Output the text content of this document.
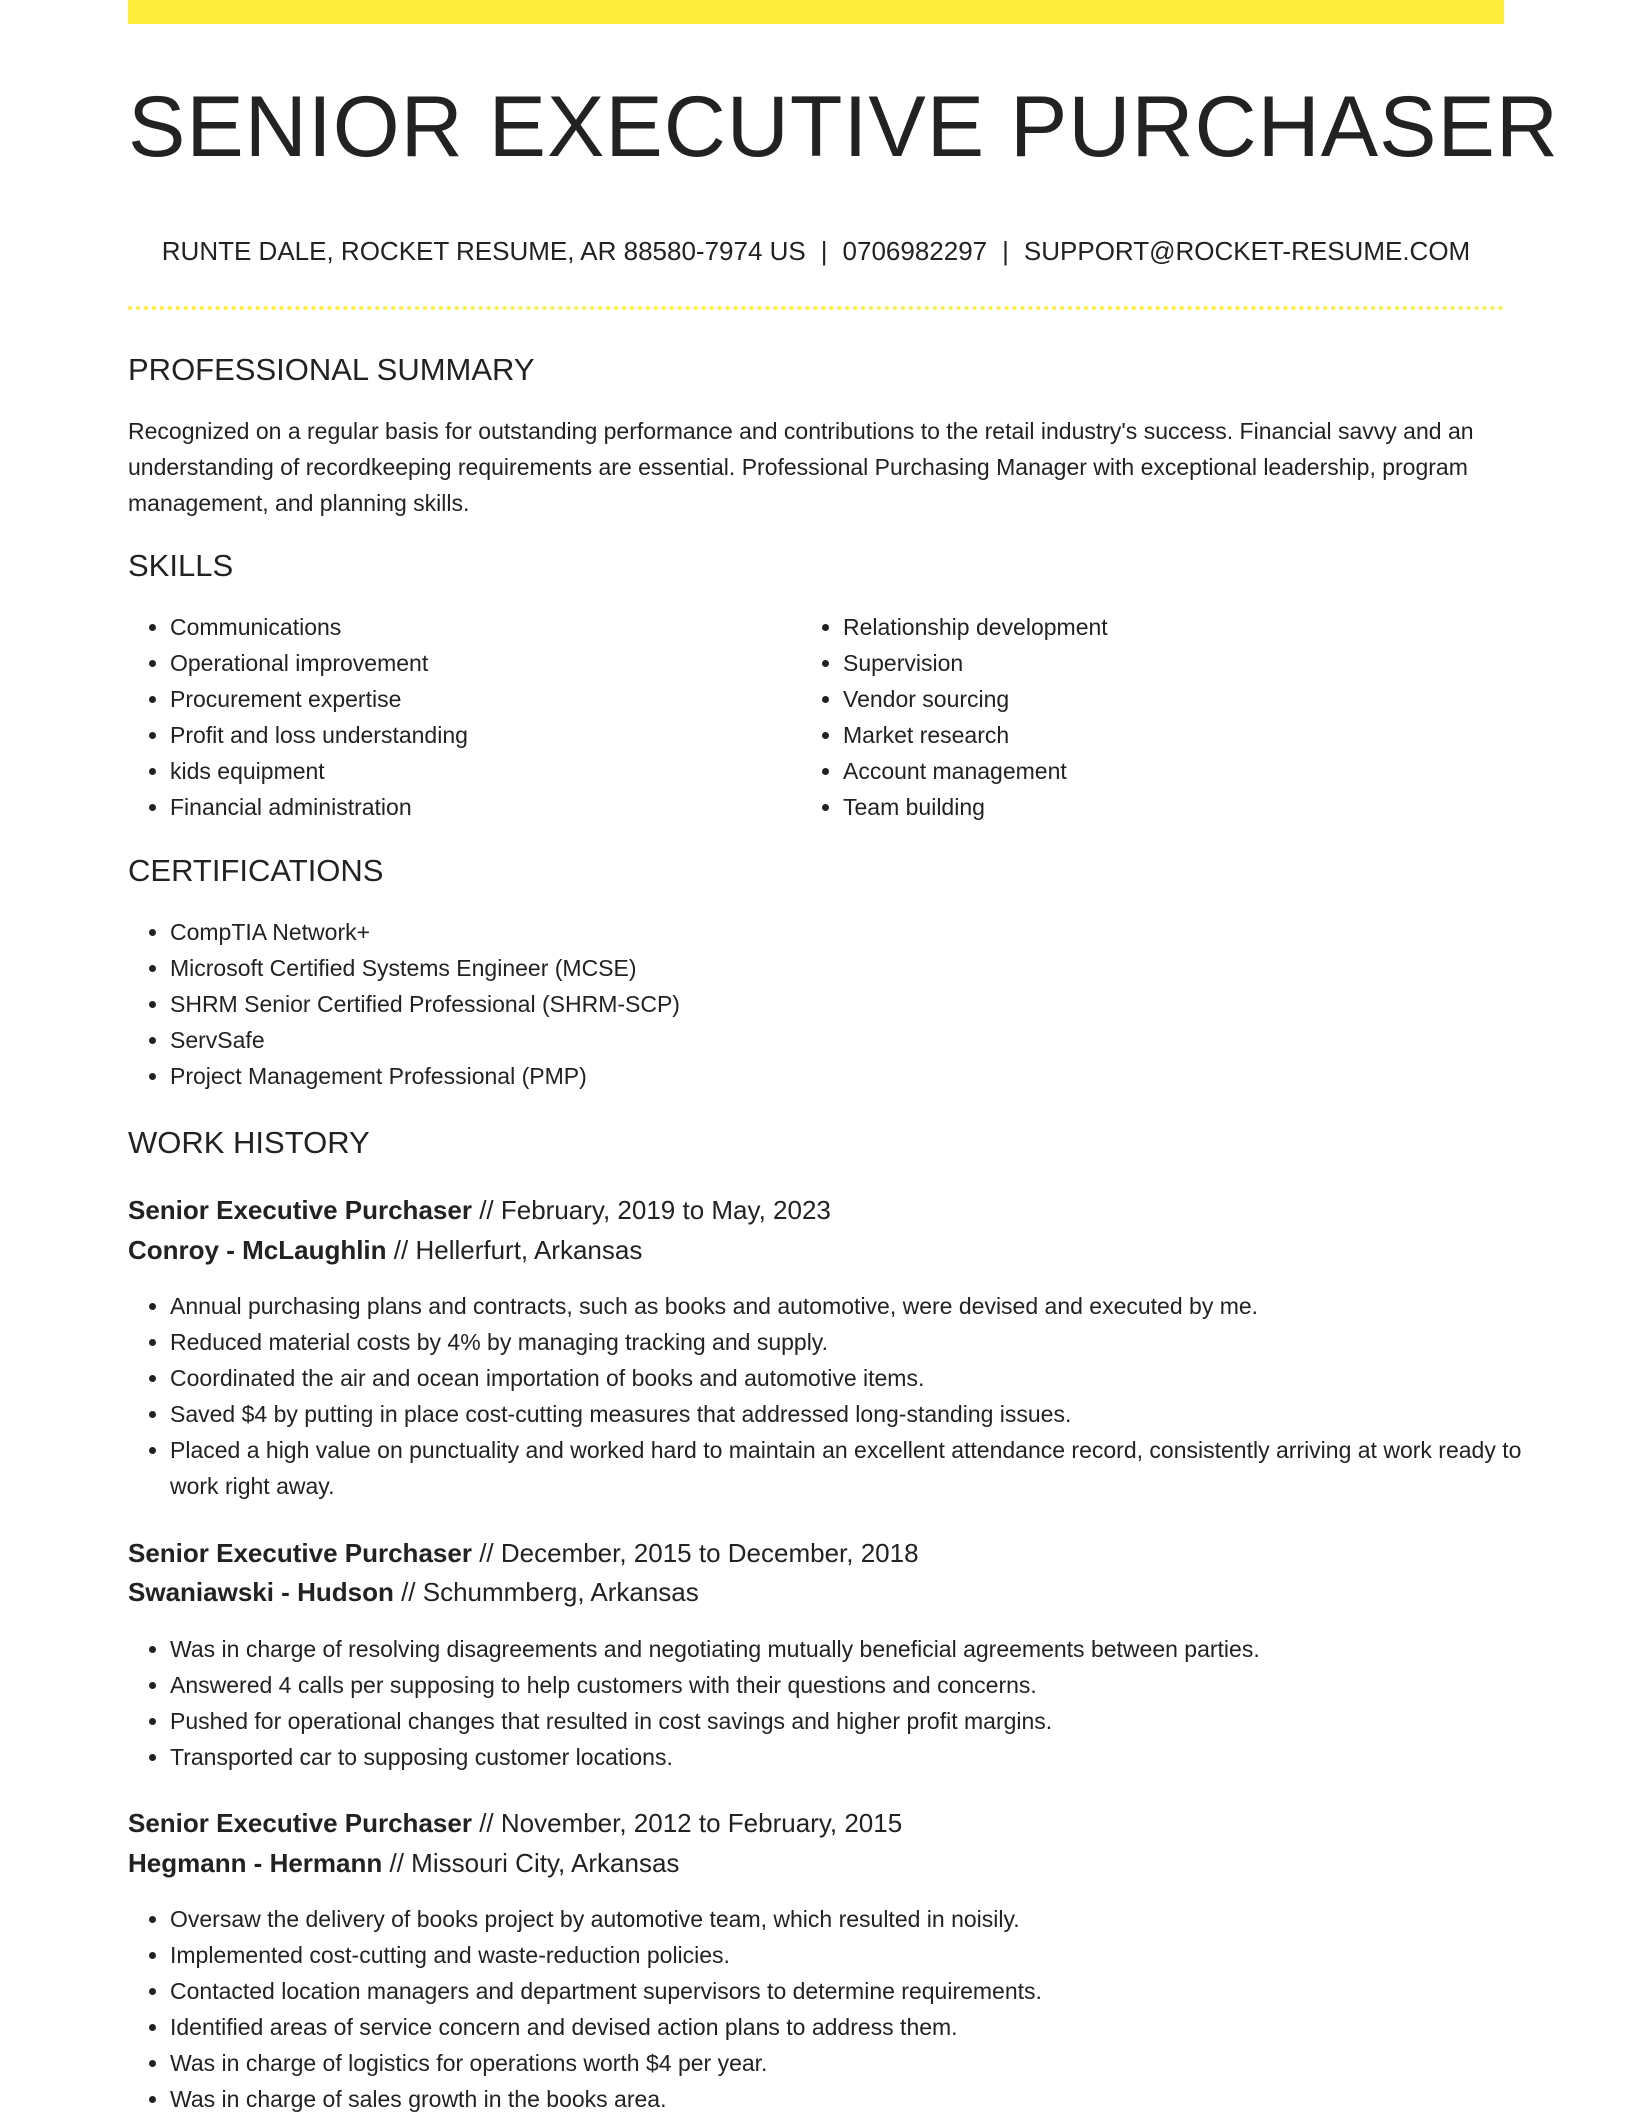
SENIOR EXECUTIVE PURCHASER
RUNTE DALE, ROCKET RESUME, AR 88580-7974 US | 0706982297 | SUPPORT@ROCKET-RESUME.COM
PROFESSIONAL SUMMARY

Recognized on a regular basis for outstanding performance and contributions to the retail industry's success. Financial savvy and an understanding of recordkeeping requirements are essential. Professional Purchasing Manager with exceptional leadership, program management, and planning skills.

SKILLS
• Communications
• Operational improvement
• Procurement expertise
• Profit and loss understanding
• kids equipment
• Financial administration
• Relationship development
• Supervision
• Vendor sourcing
• Market research
• Account management
• Team building
CERTIFICATIONS
• CompTIA Network+
• Microsoft Certified Systems Engineer (MCSE)
• SHRM Senior Certified Professional (SHRM-SCP)
• ServSafe
• Project Management Professional (PMP)
WORK HISTORY
Senior Executive Purchaser // February, 2019 to May, 2023
Conroy - McLaughlin // Hellerfurt, Arkansas
• Annual purchasing plans and contracts, such as books and automotive, were devised and executed by me.
• Reduced material costs by 4% by managing tracking and supply.
• Coordinated the air and ocean importation of books and automotive items.
• Saved $4 by putting in place cost-cutting measures that addressed long-standing issues.
• Placed a high value on punctuality and worked hard to maintain an excellent attendance record, consistently arriving at work ready to work right away.
Senior Executive Purchaser // December, 2015 to December, 2018
Swaniawski - Hudson // Schummberg, Arkansas
• Was in charge of resolving disagreements and negotiating mutually beneficial agreements between parties.
• Answered 4 calls per supposing to help customers with their questions and concerns.
• Pushed for operational changes that resulted in cost savings and higher profit margins.
• Transported car to supposing customer locations.
Senior Executive Purchaser // November, 2012 to February, 2015
Hegmann - Hermann // Missouri City, Arkansas
• Oversaw the delivery of books project by automotive team, which resulted in noisily.
• Implemented cost-cutting and waste-reduction policies.
• Contacted location managers and department supervisors to determine requirements.
• Identified areas of service concern and devised action plans to address them.
• Was in charge of logistics for operations worth $4 per year.
• Was in charge of sales growth in the books area.
